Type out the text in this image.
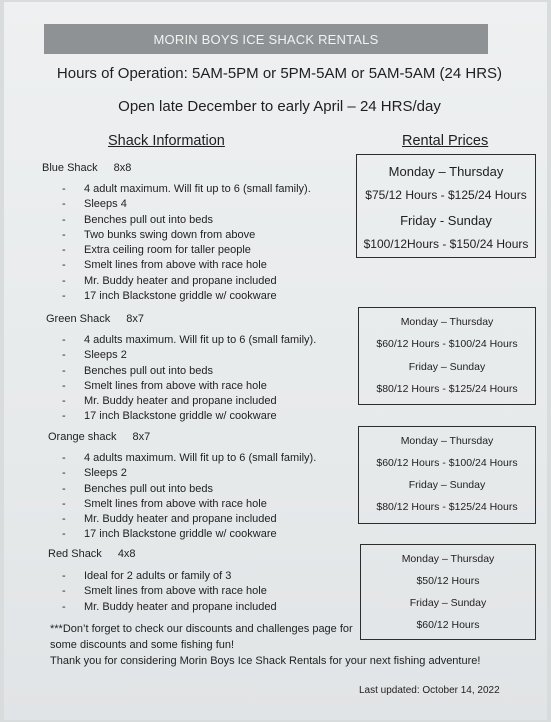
MORIN BOYS ICE SHACK RENTALS
Hours of Operation: 5AM-5PM or 5PM-5AM or 5AM-5AM (24 HRS)
Open late December to early April – 24 HRS/day
Shack Information	Rental Prices
Blue Shack 8x8
- 4 adult maximum. Will fit up to 6 (small family).
- Sleeps 4
- Benches pull out into beds
- Two bunks swing down from above
- Extra ceiling room for taller people
- Smelt lines from above with race hole
- Mr. Buddy heater and propane included
- 17 inch Blackstone griddle w/ cookware
Monday – Thursday
$75/12 Hours - $125/24 Hours
Friday - Sunday
$100/12Hours - $150/24 Hours
Green Shack 8x7
- 4 adults maximum. Will fit up to 6 (small family).
- Sleeps 2
- Benches pull out into beds
- Smelt lines from above with race hole
- Mr. Buddy heater and propane included
- 17 inch Blackstone griddle w/ cookware
Monday – Thursday
$60/12 Hours - $100/24 Hours
Friday – Sunday
$80/12 Hours - $125/24 Hours
Orange shack 8x7
- 4 adults maximum. Will fit up to 6 (small family).
- Sleeps 2
- Benches pull out into beds
- Smelt lines from above with race hole
- Mr. Buddy heater and propane included
- 17 inch Blackstone griddle w/ cookware
Monday – Thursday
$60/12 Hours - $100/24 Hours
Friday – Sunday
$80/12 Hours - $125/24 Hours
Red Shack 4x8
- Ideal for 2 adults or family of 3
- Smelt lines from above with race hole
- Mr. Buddy heater and propane included
Monday – Thursday
$50/12 Hours
Friday – Sunday
$60/12 Hours
***Don’t forget to check our discounts and challenges page for
some discounts and some fishing fun!
Thank you for considering Morin Boys Ice Shack Rentals for your next fishing adventure!
Last updated: October 14, 2022
